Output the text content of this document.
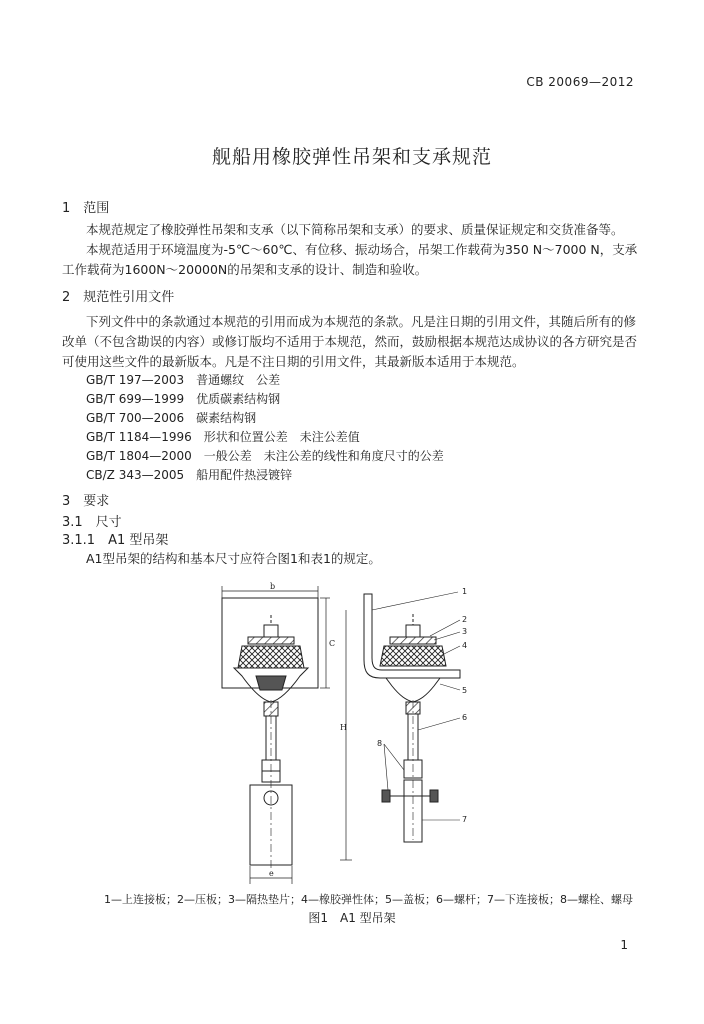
CB 20069—2012
舰船用橡胶弹性吊架和支承规范
1　范围
本规范规定了橡胶弹性吊架和支承（以下简称吊架和支承）的要求、质量保证规定和交货准备等。
本规范适用于环境温度为-5℃～60℃、有位移、振动场合，吊架工作载荷为350 N～7000 N，支承工作载荷为1600N～20000N的吊架和支承的设计、制造和验收。
2　规范性引用文件
下列文件中的条款通过本规范的引用而成为本规范的条款。凡是注日期的引用文件，其随后所有的修改单（不包含勘误的内容）或修订版均不适用于本规范，然而，鼓励根据本规范达成协议的各方研究是否可使用这些文件的最新版本。凡是不注日期的引用文件，其最新版本适用于本规范。
GB/T 197—2003　普通螺纹　公差
GB/T 699—1999　优质碳素结构钢
GB/T 700—2006　碳素结构钢
GB/T 1184—1996　形状和位置公差　未注公差值
GB/T 1804—2000　一般公差　未注公差的线性和角度尺寸的公差
CB/Z 343—2005　船用配件热浸镀锌
3　要求
3.1　尺寸
3.1.1　A1 型吊架
A1型吊架的结构和基本尺寸应符合图1和表1的规定。
b
C
H
e
1
2
3
4
5
6
7
8
1—上连接板；2—压板；3—隔热垫片；4—橡胶弹性体；5—盖板；6—螺杆；7—下连接板；8—螺栓、螺母
图1　A1 型吊架
1
